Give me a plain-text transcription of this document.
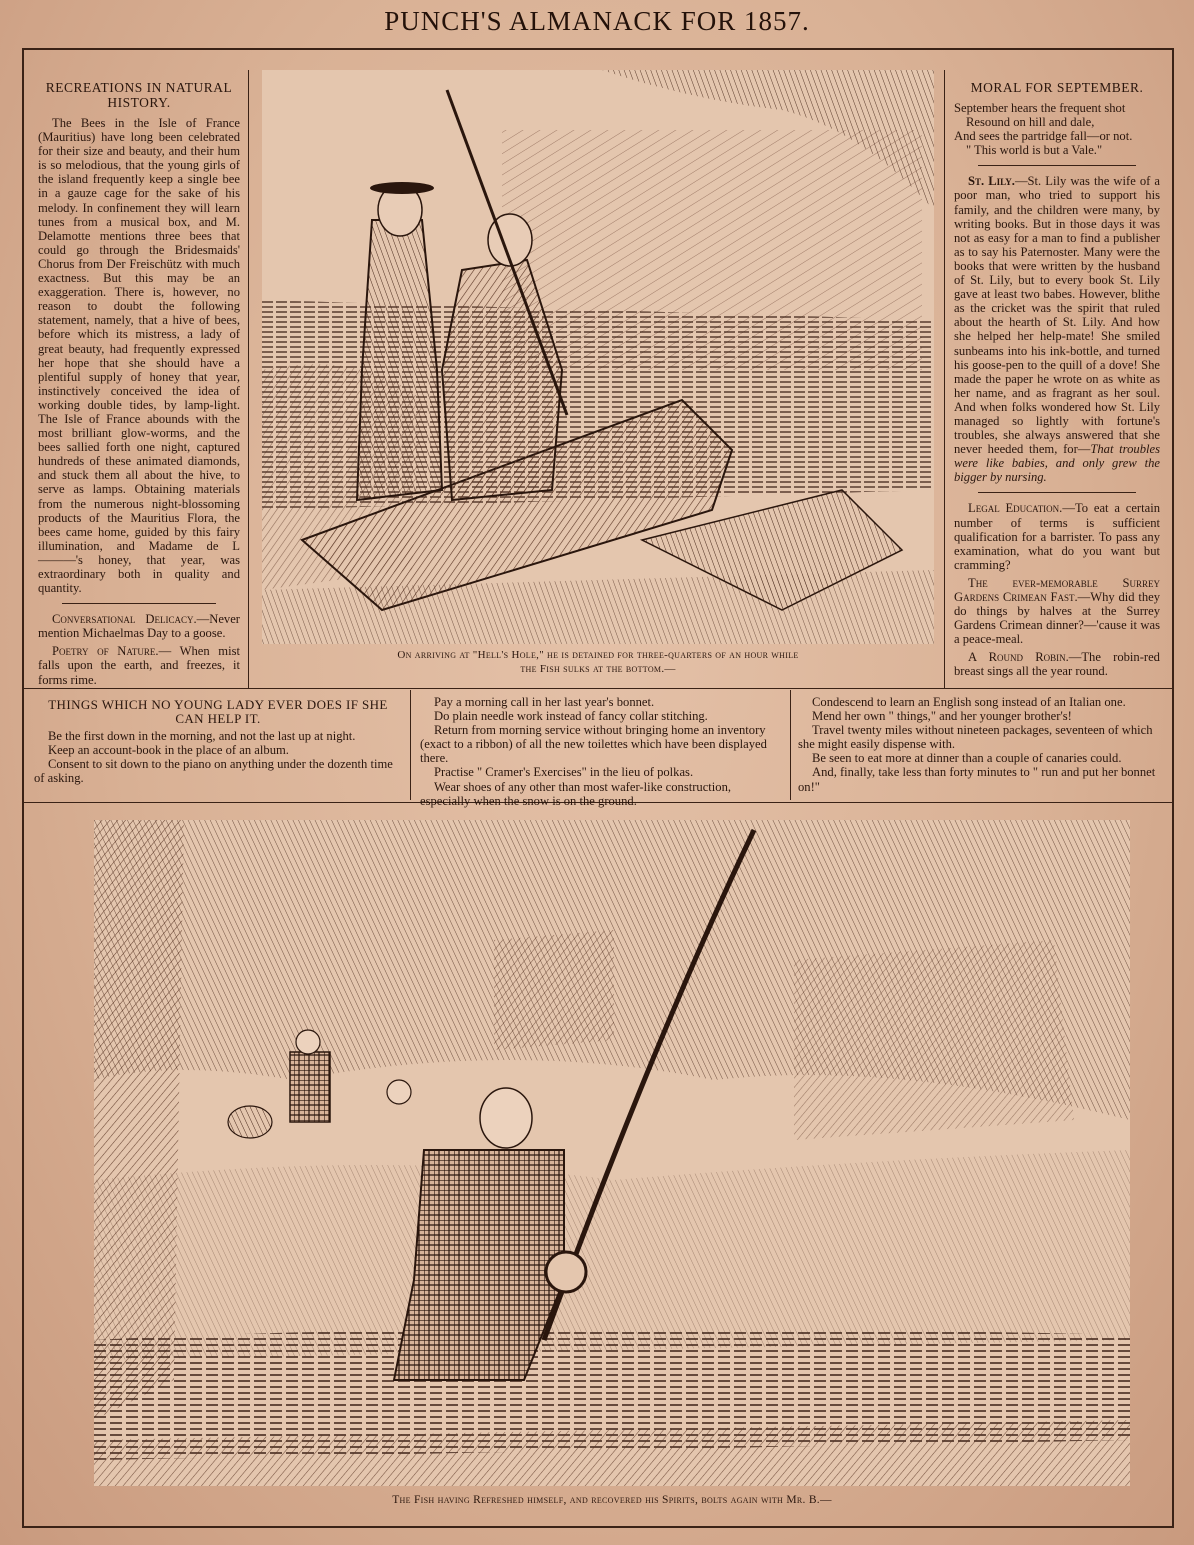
PUNCH'S ALMANACK FOR 1857.
RECREATIONS IN NATURAL HISTORY.

The Bees in the Isle of France (Mauritius) have long been celebrated for their size and beauty, and their hum is so melodious, that the young girls of the island frequently keep a single bee in a gauze cage for the sake of his melody. In confinement they will learn tunes from a musical box, and M. Delamotte mentions three bees that could go through the Bridesmaids' Chorus from Der Freischütz with much exactness. But this may be an exaggeration. There is, however, no reason to doubt the following statement, namely, that a hive of bees, before which its mistress, a lady of great beauty, had frequently expressed her hope that she should have a plentiful supply of honey that year, instinctively conceived the idea of working double tides, by lamp-light. The Isle of France abounds with the most brilliant glow-worms, and the bees sallied forth one night, captured hundreds of these animated diamonds, and stuck them all about the hive, to serve as lamps. Obtaining materials from the numerous night-blossoming products of the Mauritius Flora, the bees came home, guided by this fairy illumination, and Madame de L———'s honey, that year, was extraordinary both in quality and quantity.

Conversational Delicacy.—Never mention Michaelmas Day to a goose.

Poetry of Nature.— When mist falls upon the earth, and freezes, it forms rime.

On arriving at "Hell's Hole," he is detained for three-quarters of an hour while
the Fish sulks at the bottom.—
MORAL FOR SEPTEMBER.
September hears the frequent shot
Resound on hill and dale,
And sees the partridge fall—or not.
" This world is but a Vale."

St. Lily.—St. Lily was the wife of a poor man, who tried to support his family, and the children were many, by writing books. But in those days it was not as easy for a man to find a publisher as to say his Paternoster. Many were the books that were written by the husband of St. Lily, but to every book St. Lily gave at least two babes. However, blithe as the cricket was the spirit that ruled about the hearth of St. Lily. And how she helped her help-mate! She smiled sunbeams into his ink-bottle, and turned his goose-pen to the quill of a dove! She made the paper he wrote on as white as her name, and as fragrant as her soul. And when folks wondered how St. Lily managed so lightly with fortune's troubles, she always answered that she never heeded them, for—That troubles were like babies, and only grew the bigger by nursing.

Legal Education.—To eat a certain number of terms is sufficient qualification for a barrister. To pass any examination, what do you want but cramming?

The ever-memorable Surrey Gardens Crimean Fast.—Why did they do things by halves at the Surrey Gardens Crimean dinner?—'cause it was a peace-meal.

A Round Robin.—The robin-red breast sings all the year round.

THINGS WHICH NO YOUNG LADY EVER DOES IF SHE CAN HELP IT.

Be the first down in the morning, and not the last up at night.

Keep an account-book in the place of an album.

Consent to sit down to the piano on anything under the dozenth time of asking.

Pay a morning call in her last year's bonnet.

Do plain needle work instead of fancy collar stitching.

Return from morning service without bringing home an inventory (exact to a ribbon) of all the new toilettes which have been displayed there.

Practise " Cramer's Exercises" in the lieu of polkas.

Wear shoes of any other than most wafer-like construction, especially when the snow is on the ground.

Condescend to learn an English song instead of an Italian one.

Mend her own " things," and her younger brother's!

Travel twenty miles without nineteen packages, seventeen of which she might easily dispense with.

Be seen to eat more at dinner than a couple of canaries could.

And, finally, take less than forty minutes to " run and put her bonnet on!"

The Fish having Refreshed himself, and recovered his Spirits, bolts again with Mr. B.—
